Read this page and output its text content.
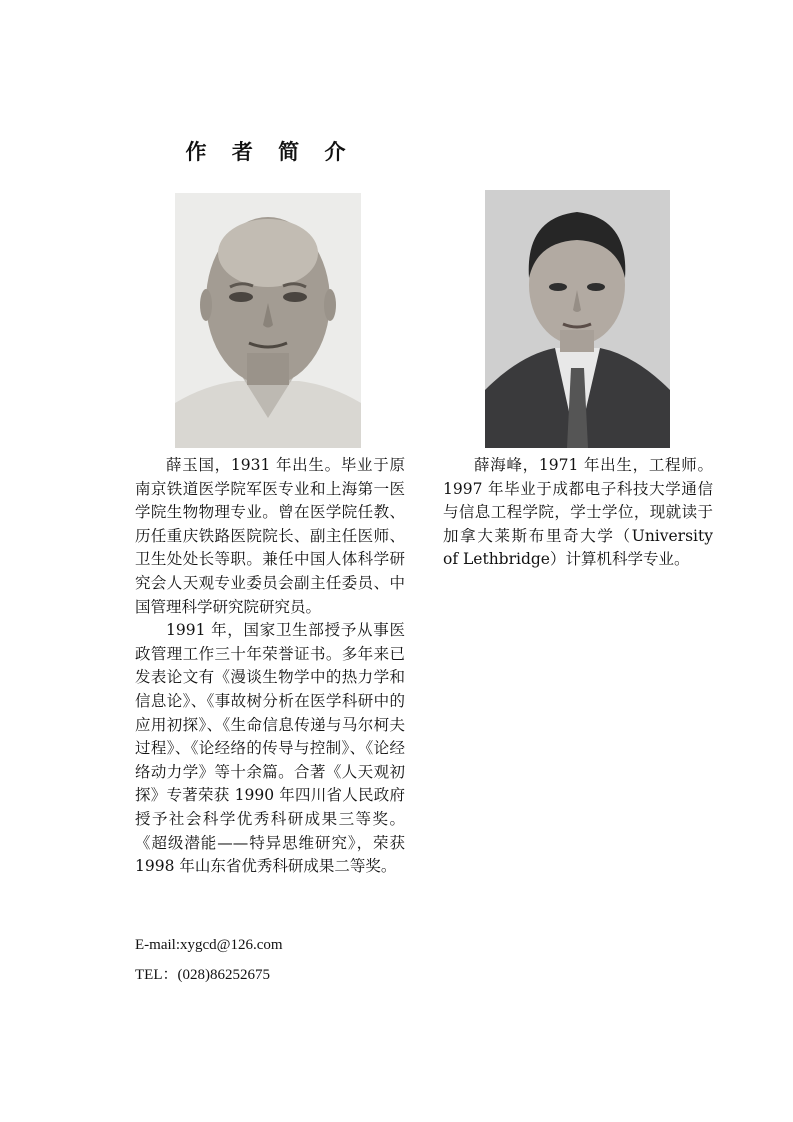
作 者 简 介

薛玉国，1931 年出生。毕业于原南京铁道医学院军医专业和上海第一医学院生物物理专业。曾在医学院任教、历任重庆铁路医院院长、副主任医师、卫生处处长等职。兼任中国人体科学研究会人天观专业委员会副主任委员、中国管理科学研究院研究员。

1991 年，国家卫生部授予从事医政管理工作三十年荣誉证书。多年来已发表论文有《漫谈生物学中的热力学和信息论》、《事故树分析在医学科研中的应用初探》、《生命信息传递与马尔柯夫过程》、《论经络的传导与控制》、《论经络动力学》等十余篇。合著《人天观初探》专著荣获 1990 年四川省人民政府授予社会科学优秀科研成果三等奖。《超级潜能——特异思维研究》，荣获 1998 年山东省优秀科研成果二等奖。

薛海峰，1971 年出生，工程师。1997 年毕业于成都电子科技大学通信与信息工程学院，学士学位，现就读于加拿大莱斯布里奇大学（University of Lethbridge）计算机科学专业。

E-mail:xygcd@126.com
TEL：(028)86252675
